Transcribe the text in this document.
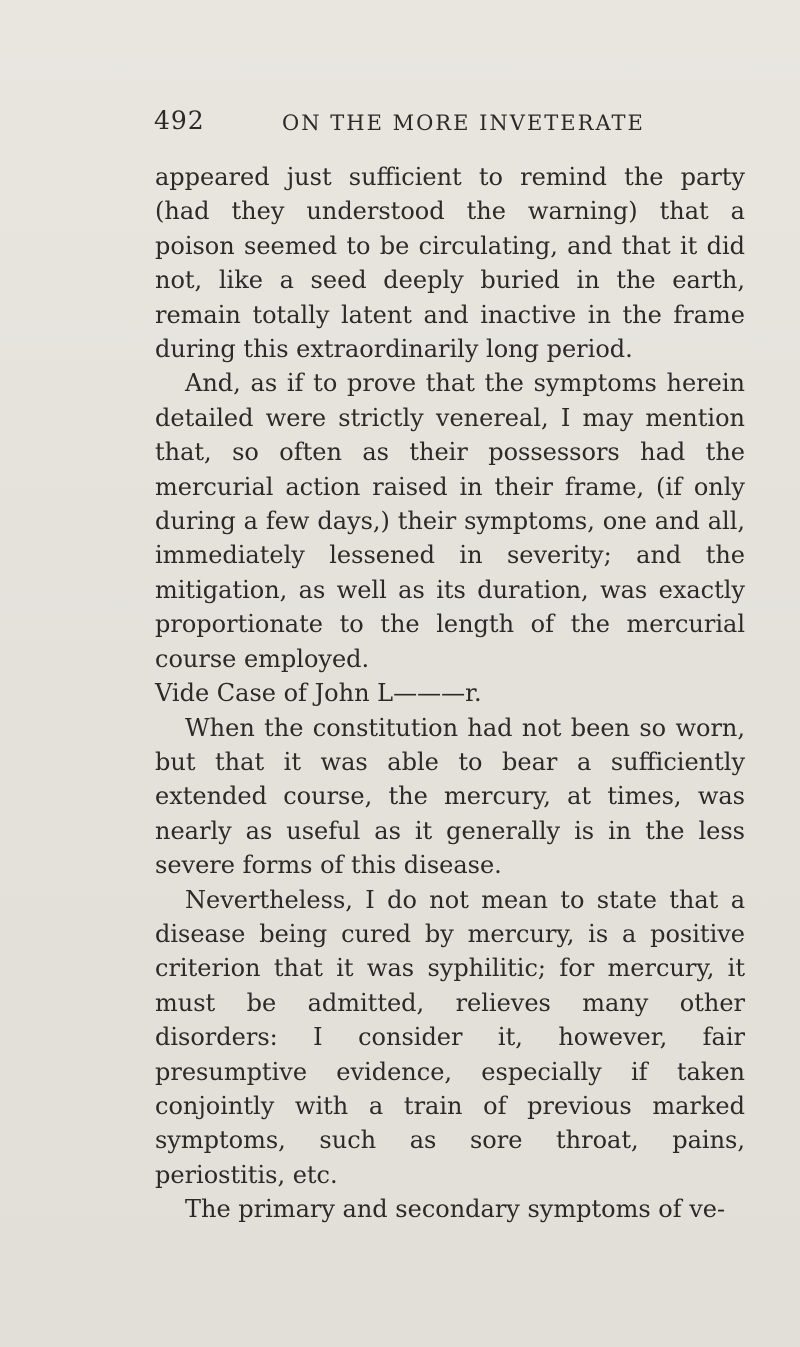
492	ON THE MORE INVETERATE

appeared just sufficient to remind the party (had they understood the warning) that a poison seemed to be circulating, and that it did not, like a seed deeply buried in the earth, remain totally latent and inactive in the frame during this extraordinarily long period.

And, as if to prove that the symptoms herein detailed were strictly venereal, I may mention that, so often as their possessors had the mercurial action raised in their frame, (if only during a few days,) their symptoms, one and all, immediately lessened in severity; and the mitigation, as well as its duration, was exactly proportionate to the length of the mercurial course employed.

Vide Case of John L———r.

When the constitution had not been so worn, but that it was able to bear a sufficiently extended course, the mercury, at times, was nearly as useful as it generally is in the less severe forms of this disease.

Nevertheless, I do not mean to state that a disease being cured by mercury, is a positive criterion that it was syphilitic; for mercury, it must be admitted, relieves many other disorders: I consider it, however, fair presumptive evidence, especially if taken conjointly with a train of previous marked symptoms, such as sore throat, pains, periostitis, etc.

The primary and secondary symptoms of ve-
